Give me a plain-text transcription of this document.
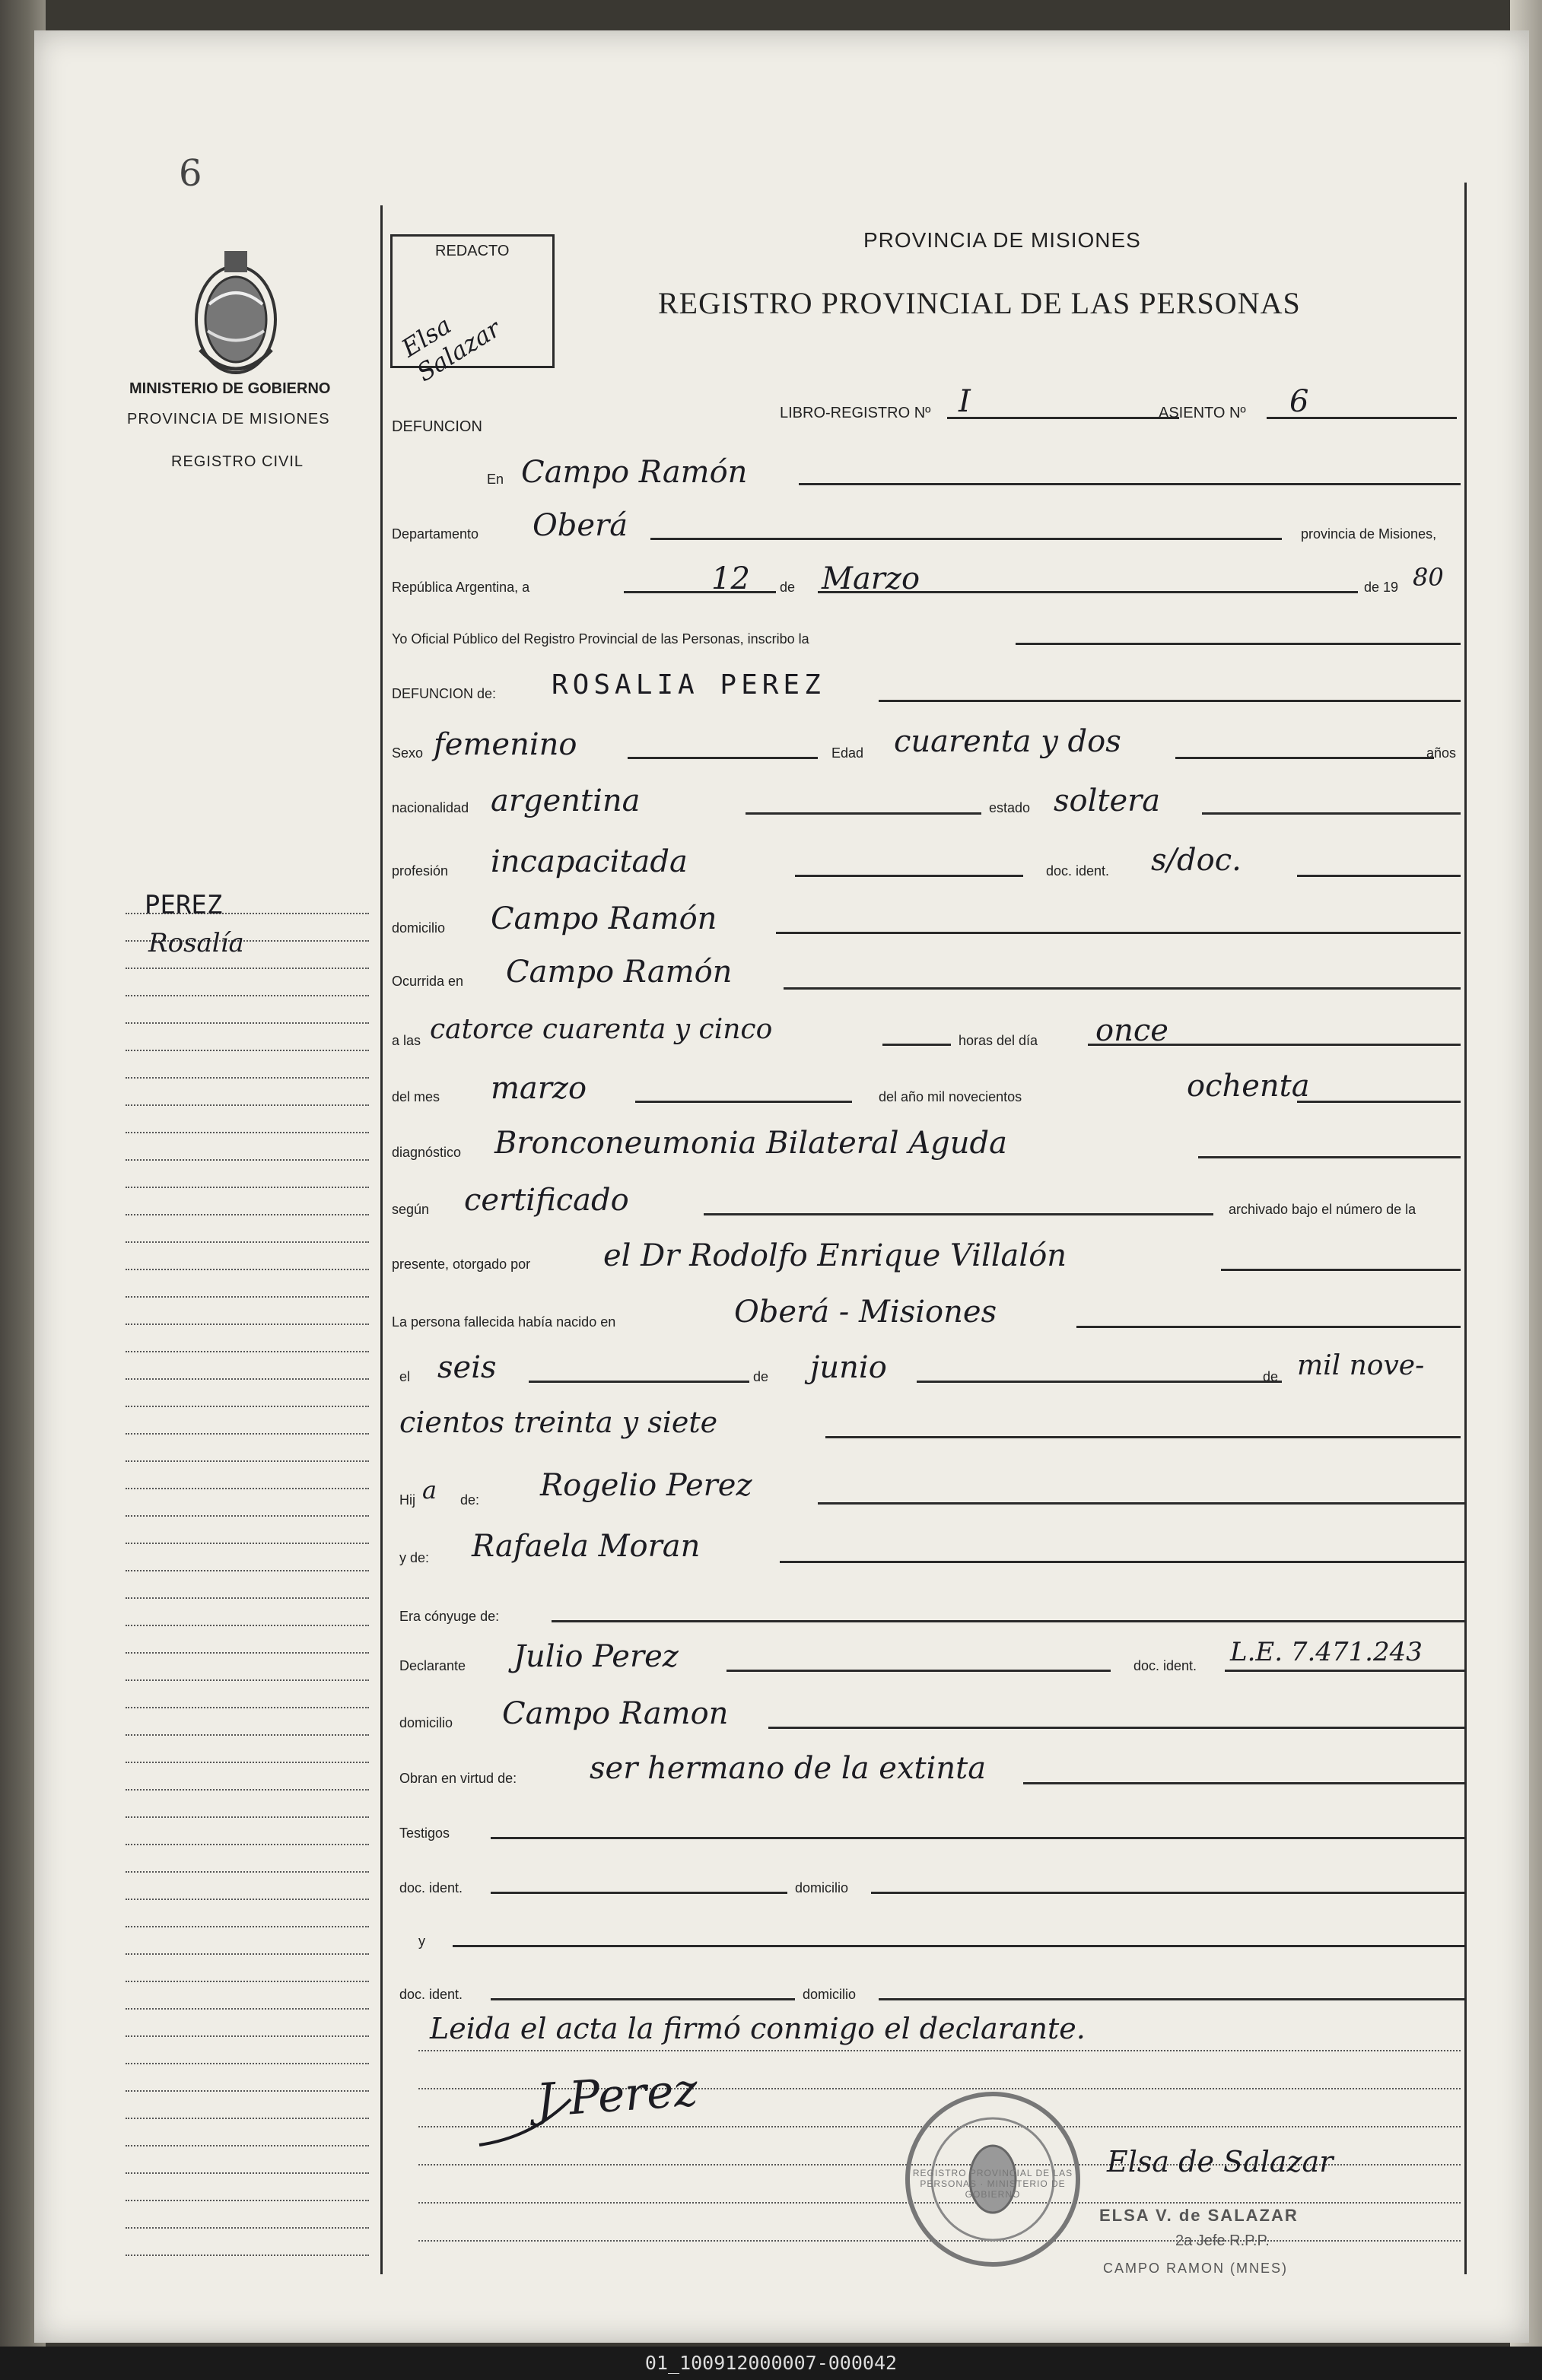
6
MINISTERIO DE GOBIERNO
PROVINCIA DE MISIONES
REGISTRO CIVIL
PEREZ
Rosalía
REDACTO
Elsa Salazar
PROVINCIA DE MISIONES
REGISTRO PROVINCIAL DE LAS PERSONAS
DEFUNCION
LIBRO-REGISTRO Nº I	ASIENTO Nº 6
En Campo Ramón
Departamento Oberá	provincia de Misiones,
República Argentina, a	12 de Marzo	de 19 80
Yo Oficial Público del Registro Provincial de las Personas, inscribo la
DEFUNCION de: ROSALIA PEREZ
Sexo femenino	Edad cuarenta y dos	años
nacionalidad argentina	estado soltera
profesión incapacitada	doc. ident. s/doc.
domicilio Campo Ramón
Ocurrida en Campo Ramón
a las catorce cuarenta y cinco	horas del día once
del mes marzo	del año mil novecientos	ochenta
diagnóstico Bronconeumonia Bilateral Aguda
según certificado	archivado bajo el número de la
presente, otorgado por el Dr Rodolfo Enrique Villalón
La persona fallecida había nacido en	Oberá - Misiones
el seis	de junio	de mil nove-
cientos treinta y siete
Hij a de: Rogelio Perez
y de: Rafaela Moran
Era cónyuge de:
Declarante Julio Perez	doc. ident. L.E. 7.471.243
domicilio Campo Ramon
Obran en virtud de: ser hermano de la extinta
Testigos
doc. ident.	domicilio
y
doc. ident.	domicilio
Leida el acta la firmó conmigo el declarante.
J Perez
REGISTRO PROVINCIAL DE LAS PERSONAS · MINISTERIO DE GOBIERNO
Elsa de Salazar
ELSA V. de SALAZAR
2a Jefe R.P.P.
CAMPO RAMON (MNES)
01_100912000007-000042
